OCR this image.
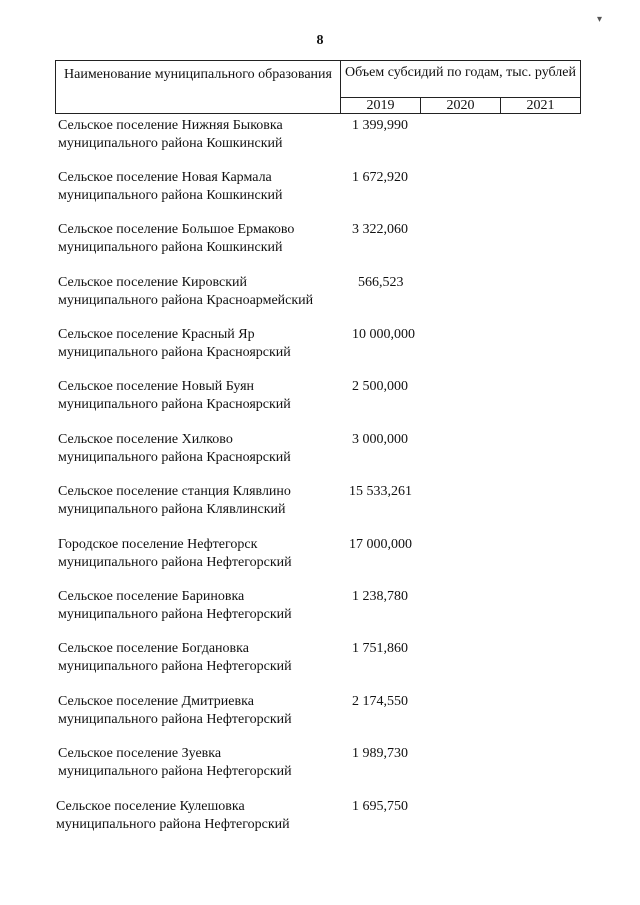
▾
8
Наименование муниципального образования Объем субсидий по годам, тыс. рублей
2019	2020	2021
Сельское поселение Нижняя Быковка
муниципального района Кошкинский
1 399,990
Сельское поселение Новая Кармала
муниципального района Кошкинский
1 672,920
Сельское поселение Большое Ермаково
муниципального района Кошкинский
3 322,060
Сельское поселение Кировский
муниципального района Красноармейский
566,523
Сельское поселение Красный Яр
муниципального района Красноярский
10 000,000
Сельское поселение Новый Буян
муниципального района Красноярский
2 500,000
Сельское поселение Хилково
муниципального района Красноярский
3 000,000
Сельское поселение станция Клявлино
муниципального района Клявлинский
15 533,261
Городское поселение Нефтегорск
муниципального района Нефтегорский
17 000,000
Сельское поселение Бариновка
муниципального района Нефтегорский
1 238,780
Сельское поселение Богдановка
муниципального района Нефтегорский
1 751,860
Сельское поселение Дмитриевка
муниципального района Нефтегорский
2 174,550
Сельское поселение Зуевка
муниципального района Нефтегорский
1 989,730
Сельское поселение Кулешовка
муниципального района Нефтегорский
1 695,750
